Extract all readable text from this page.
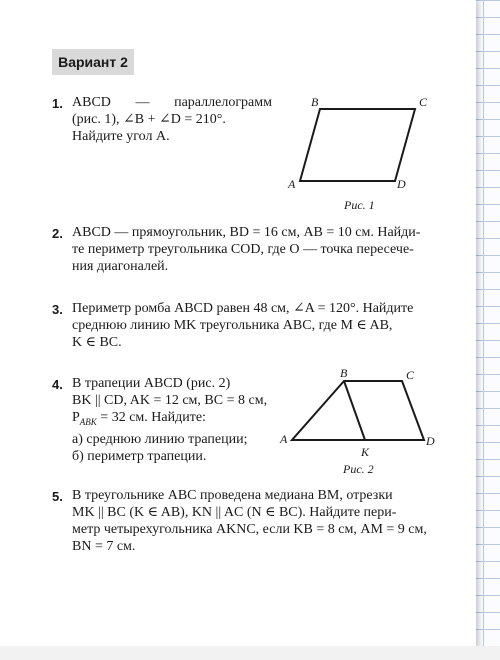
Вариант 2
1. ABCD — параллелограмм
(рис. 1), ∠B + ∠D = 210°.
Найдите угол A.
B	C
A	D
Рис. 1
2. ABCD — прямоугольник, BD = 16 см, AB = 10 см. Найди-
те периметр треугольника COD, где O — точка пересече-
ния диагоналей.
3. Периметр ромба ABCD равен 48 см, ∠A = 120°. Найдите
среднюю линию MK треугольника ABC, где M ∈ AB,
K ∈ BC.
4. В трапеции ABCD (рис. 2)
BK || CD, AK = 12 см, BC = 8 см,
$P_{ABK} = 32$ см. Найдите:
а) среднюю линию трапеции;
б) периметр трапеции.
B	C
A	D
K
Рис. 2
5. В треугольнике ABC проведена медиана BM, отрезки
MK || BC (K ∈ AB), KN || AC (N ∈ BC). Найдите пери-
метр четырехугольника AKNC, если KB = 8 см, AM = 9 см,
BN = 7 см.
